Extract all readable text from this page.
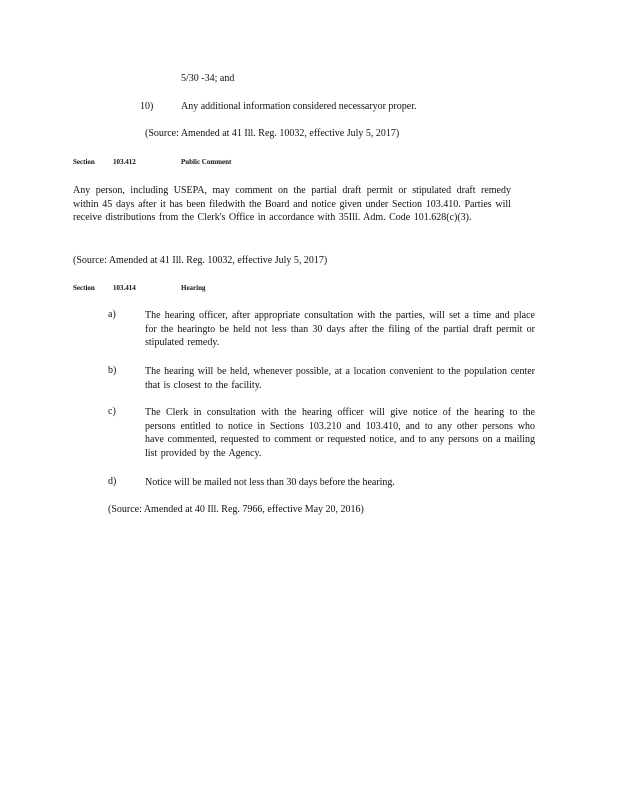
5/30 -34; and
10)	Any additional information considered necessaryor proper.
(Source: Amended at 41 Ill. Reg. 10032, effective July 5, 2017)
Section	103.412	Public Comment
Any person, including USEPA, may comment on the partial draft permit or stipulated draft remedy within 45 days after it has been filedwith the Board and notice given under Section 103.410. Parties will receive distributions from the Clerk's Office in accordance with 35Ill. Adm. Code 101.628(c)(3).
(Source: Amended at 41 Ill. Reg. 10032, effective July 5, 2017)
Section	103.414	Hearing
a)	The hearing officer, after appropriate consultation with the parties, will set a time and place for the hearingto be held not less than 30 days after the filing of the partial draft permit or stipulated remedy.
b)	The hearing will be held, whenever possible, at a location convenient to the population center that is closest to the facility.
c)	The Clerk in consultation with the hearing officer will give notice of the hearing to the persons entitled to notice in Sections 103.210 and 103.410, and to any other persons who have commented, requested to comment or requested notice, and to any persons on a mailing list provided by the Agency.
d)	Notice will be mailed not less than 30 days before the hearing.
(Source: Amended at 40 Ill. Reg. 7966, effective May 20, 2016)
